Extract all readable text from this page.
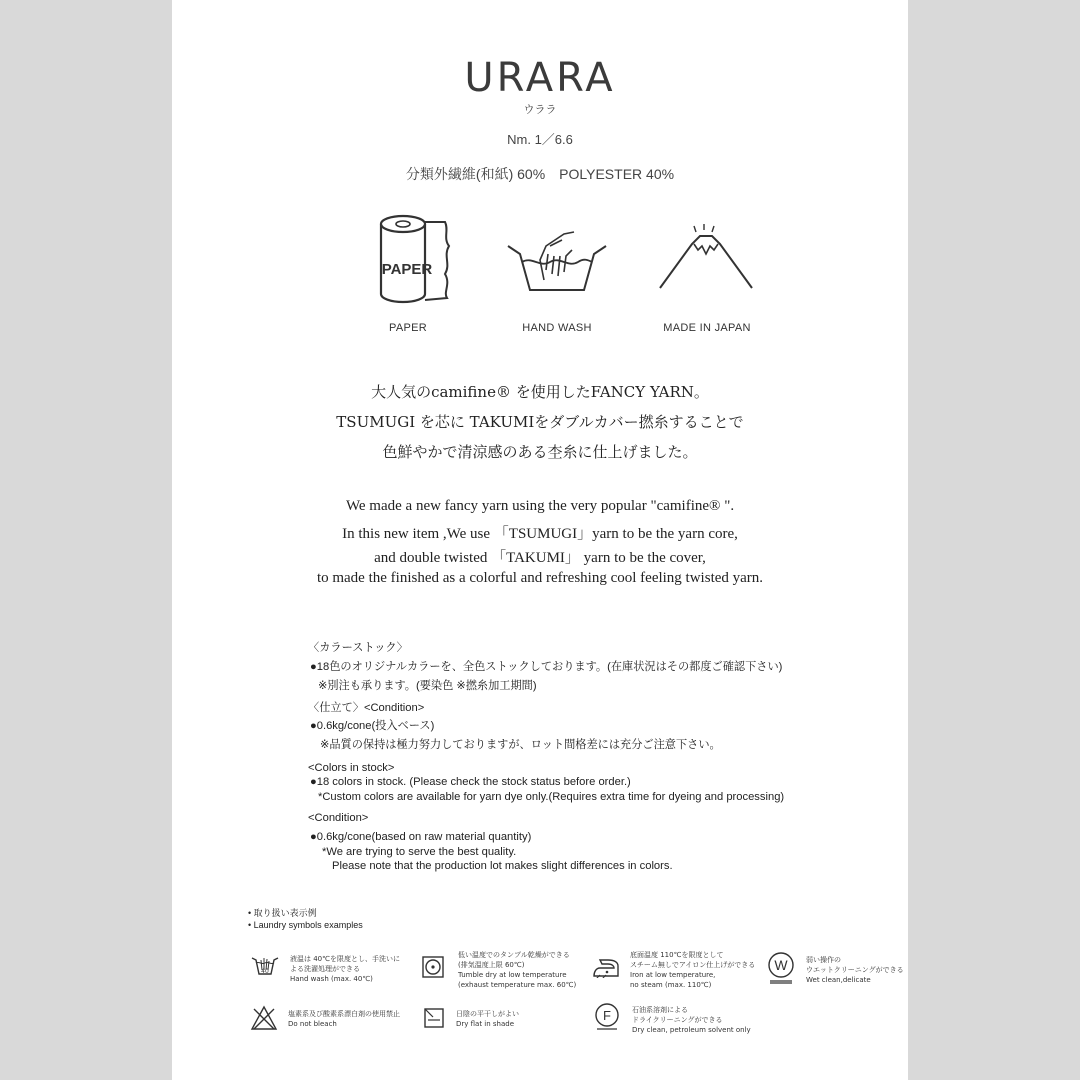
URARA
ウララ
Nm. 1／6.6
分類外繊維(和紙) 60%　POLYESTER 40%
PAPER
PAPER	HAND WASH	MADE IN JAPAN
大人気のcamifine® を使用したFANCY YARN。
TSUMUGI を芯に TAKUMIをダブルカバー撚糸することで
色鮮やかで清涼感のある杢糸に仕上げました。
We made a new fancy yarn using the very popular "camifine® ".
In this new item ,We use 「TSUMUGI」yarn to be the yarn core,
and double twisted 「TAKUMI」 yarn to be the cover,
to made the finished as a colorful and refreshing cool feeling twisted yarn.
〈カラーストック〉
●18色のオリジナルカラーを、全色ストックしております。(在庫状況はその都度ご確認下さい)
※別注も承ります。(要染色 ※撚糸加工期間)
〈仕立て〉<Condition>
●0.6kg/cone(投入ベース)
※品質の保持は極力努力しておりますが、ロット間格差には充分ご注意下さい。
<Colors in stock>
●18 colors in stock. (Please check the stock status before order.)
*Custom colors are available for yarn dye only.(Requires extra time for dyeing and processing)
<Condition>
●0.6kg/cone(based on raw material quantity)
*We are trying to serve the best quality.
Please note that the production lot makes slight differences in colors.
• 取り扱い表示例
• Laundry symbols examples
40
液温は 40℃を限度とし、手洗いに
よる洗濯処理ができる
Hand wash (max. 40℃)
低い温度でのタンブル乾燥ができる
(排気温度上限 60℃)
Tumble dry at low temperature
(exhaust temperature max. 60℃)
底面温度 110℃を限度として
スチーム無しでアイロン仕上げができる
Iron at low temperature,
no steam (max. 110℃)
W	弱い操作の
ウエットクリーニングができる
Wet clean,delicate
塩素系及び酸素系漂白剤の使用禁止
Do not bleach
日陰の平干しがよい
Dry flat in shade
F	石油系溶剤による
ドライクリーニングができる
Dry clean, petroleum solvent only
